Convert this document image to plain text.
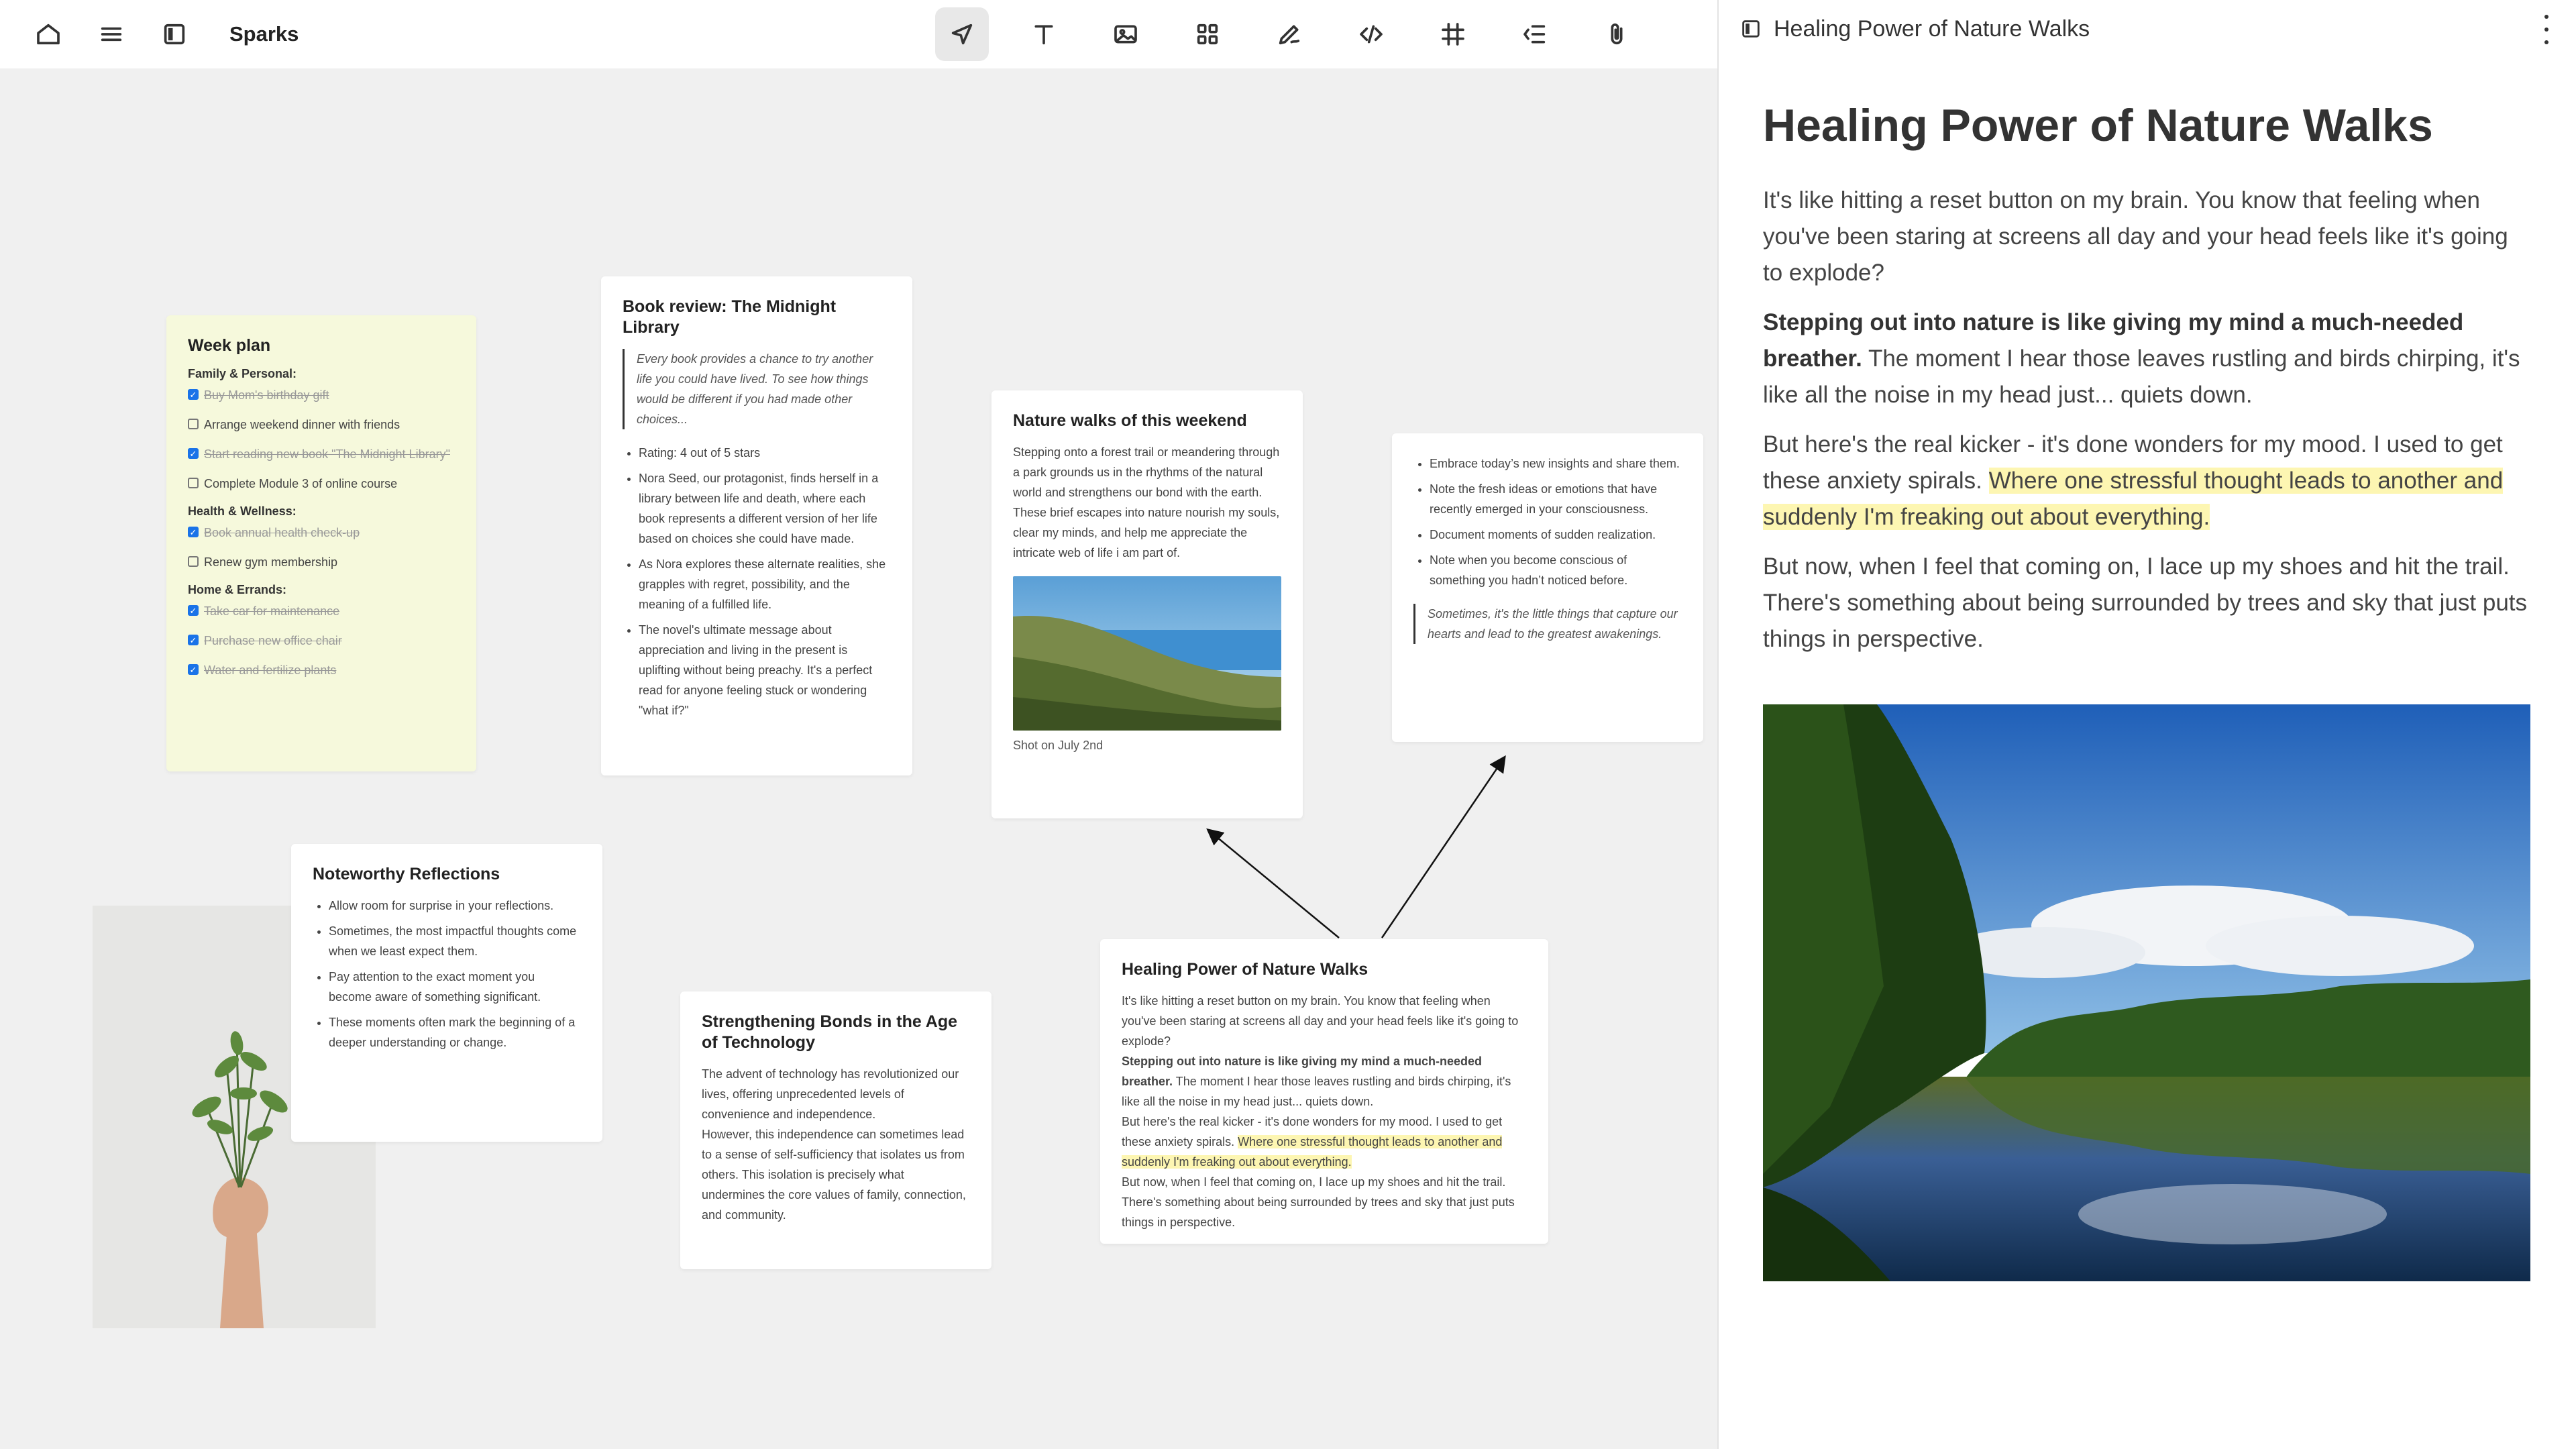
Week plan
Family & Personal:
✓ Buy Mom's birthday gift
Arrange weekend dinner with friends
✓ Start reading new book "The Midnight Library"
Complete Module 3 of online course
Health & Wellness:
✓ Book annual health check-up
Renew gym membership
Home & Errands:
✓ Take car for maintenance
✓ Purchase new office chair
✓ Water and fertilize plants
Book review: The Midnight Library
Every book provides a chance to try another life you could have lived. To see how things would be different if you had made other choices...
• Rating: 4 out of 5 stars
• Nora Seed, our protagonist, finds herself in a library between life and death, where each book represents a different version of her life based on choices she could have made.
• As Nora explores these alternate realities, she grapples with regret, possibility, and the meaning of a fulfilled life.
• The novel's ultimate message about appreciation and living in the present is uplifting without being preachy. It's a perfect read for anyone feeling stuck or wondering "what if?"
Nature walks of this weekend

Stepping onto a forest trail or meandering through a park grounds us in the rhythms of the natural world and strengthens our bond with the earth.

These brief escapes into nature nourish my souls, clear my minds, and help me appreciate the intricate web of life i am part of.

Shot on July 2nd
• Embrace today’s new insights and share them.
• Note the fresh ideas or emotions that have recently emerged in your consciousness.
• Document moments of sudden realization.
• Note when you become conscious of something you hadn’t noticed before.
Sometimes, it's the little things that capture our hearts and lead to the greatest awakenings.
Noteworthy Reflections
• Allow room for surprise in your reflections.
• Sometimes, the most impactful thoughts come when we least expect them.
• Pay attention to the exact moment you become aware of something significant.
• These moments often mark the beginning of a deeper understanding or change.
Strengthening Bonds in the Age of Technology

The advent of technology has revolutionized our lives, offering unprecedented levels of convenience and independence.

However, this independence can sometimes lead to a sense of self-sufficiency that isolates us from others. This isolation is precisely what undermines the core values of family, connection, and community.

Healing Power of Nature Walks

It's like hitting a reset button on my brain. You know that feeling when you've been staring at screens all day and your head feels like it's going to explode?

Stepping out into nature is like giving my mind a much-needed breather. The moment I hear those leaves rustling and birds chirping, it's like all the noise in my head just... quiets down.

But here's the real kicker - it's done wonders for my mood. I used to get these anxiety spirals. Where one stressful thought leads to another and suddenly I'm freaking out about everything.

But now, when I feel that coming on, I lace up my shoes and hit the trail. There's something about being surrounded by trees and sky that just puts things in perspective.

Sparks	Healing Power of Nature Walks
Healing Power of Nature Walks

It's like hitting a reset button on my brain. You know that feeling when you've been staring at screens all day and your head feels like it's going to explode?

Stepping out into nature is like giving my mind a much-needed breather. The moment I hear those leaves rustling and birds chirping, it's like all the noise in my head just... quiets down.

But here's the real kicker - it's done wonders for my mood. I used to get these anxiety spirals. Where one stressful thought leads to another and suddenly I'm freaking out about everything.

But now, when I feel that coming on, I lace up my shoes and hit the trail. There's something about being surrounded by trees and sky that just puts things in perspective.
